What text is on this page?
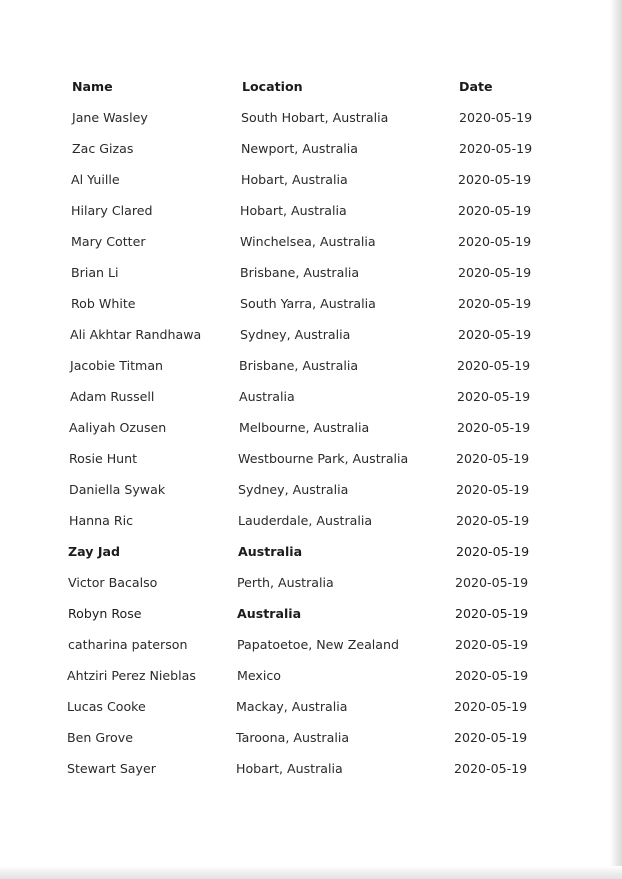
Name	Location	Date
Jane Wasley	South Hobart, Australia	2020-05-19
Zac Gizas	Newport, Australia	2020-05-19
Al Yuille	Hobart, Australia	2020-05-19
Hilary Clared	Hobart, Australia	2020-05-19
Mary Cotter	Winchelsea, Australia	2020-05-19
Brian Li	Brisbane, Australia	2020-05-19
Rob White	South Yarra, Australia	2020-05-19
Ali Akhtar Randhawa	Sydney, Australia	2020-05-19
Jacobie Titman	Brisbane, Australia	2020-05-19
Adam Russell	Australia	2020-05-19
Aaliyah Ozusen	Melbourne, Australia	2020-05-19
Rosie Hunt	Westbourne Park, Australia	2020-05-19
Daniella Sywak	Sydney, Australia	2020-05-19
Hanna Ric	Lauderdale, Australia	2020-05-19
Zay Jad	Australia	2020-05-19
Victor Bacalso	Perth, Australia	2020-05-19
Robyn Rose	Australia	2020-05-19
catharina paterson	Papatoetoe, New Zealand	2020-05-19
Ahtziri Perez Nieblas	Mexico	2020-05-19
Lucas Cooke	Mackay, Australia	2020-05-19
Ben Grove	Taroona, Australia	2020-05-19
Stewart Sayer	Hobart, Australia	2020-05-19
